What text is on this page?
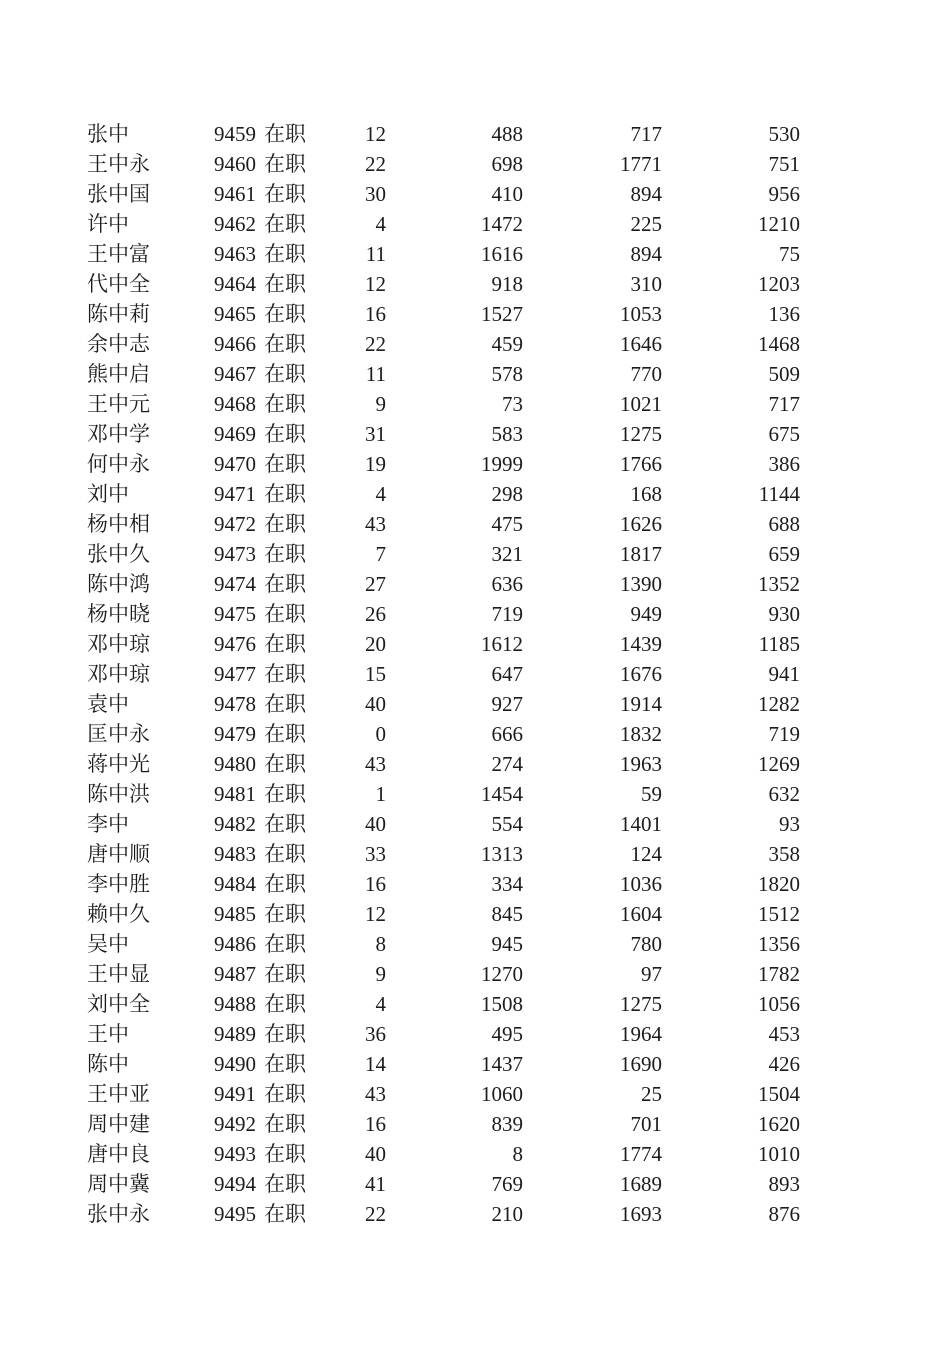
张中	9459 在职	12	488	717	530
王中永	9460 在职	22	698	1771	751
张中国	9461 在职	30	410	894	956
许中	9462 在职	4	1472	225	1210
王中富	9463 在职	11	1616	894	75
代中全	9464 在职	12	918	310	1203
陈中莉	9465 在职	16	1527	1053	136
余中志	9466 在职	22	459	1646	1468
熊中启	9467 在职	11	578	770	509
王中元	9468 在职	9	73	1021	717
邓中学	9469 在职	31	583	1275	675
何中永	9470 在职	19	1999	1766	386
刘中	9471 在职	4	298	168	1144
杨中相	9472 在职	43	475	1626	688
张中久	9473 在职	7	321	1817	659
陈中鸿	9474 在职	27	636	1390	1352
杨中晓	9475 在职	26	719	949	930
邓中琼	9476 在职	20	1612	1439	1185
邓中琼	9477 在职	15	647	1676	941
袁中	9478 在职	40	927	1914	1282
匡中永	9479 在职	0	666	1832	719
蒋中光	9480 在职	43	274	1963	1269
陈中洪	9481 在职	1	1454	59	632
李中	9482 在职	40	554	1401	93
唐中顺	9483 在职	33	1313	124	358
李中胜	9484 在职	16	334	1036	1820
赖中久	9485 在职	12	845	1604	1512
吴中	9486 在职	8	945	780	1356
王中显	9487 在职	9	1270	97	1782
刘中全	9488 在职	4	1508	1275	1056
王中	9489 在职	36	495	1964	453
陈中	9490 在职	14	1437	1690	426
王中亚	9491 在职	43	1060	25	1504
周中建	9492 在职	16	839	701	1620
唐中良	9493 在职	40	8	1774	1010
周中冀	9494 在职	41	769	1689	893
张中永	9495 在职	22	210	1693	876
